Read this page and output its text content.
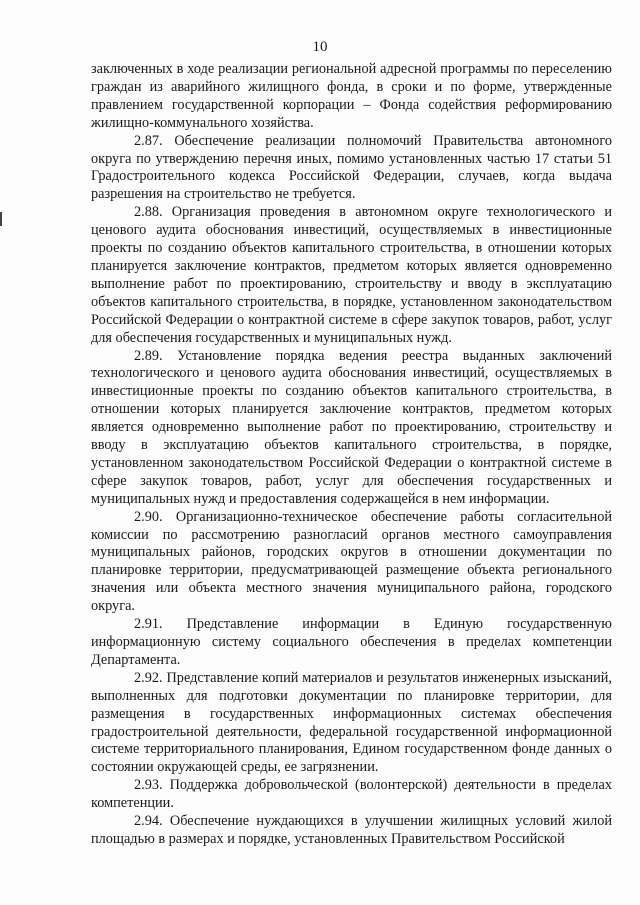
10

заключенных в ходе реализации региональной адресной программы по переселению граждан из аварийного жилищного фонда, в сроки и по форме, утвержденные правлением государственной корпорации – Фонда содействия реформированию жилищно-коммунального хозяйства.

2.87. Обеспечение реализации полномочий Правительства автономного округа по утверждению перечня иных, помимо установленных частью 17 статьи 51 Градостроительного кодекса Российской Федерации, случаев, когда выдача разрешения на строительство не требуется.

2.88. Организация проведения в автономном округе технологического и ценового аудита обоснования инвестиций, осуществляемых в инвестиционные проекты по созданию объектов капитального строительства, в отношении которых планируется заключение контрактов, предметом которых является одновременно выполнение работ по проектированию, строительству и вводу в эксплуатацию объектов капитального строительства, в порядке, установленном законодательством Российской Федерации о контрактной системе в сфере закупок товаров, работ, услуг для обеспечения государственных и муниципальных нужд.

2.89. Установление порядка ведения реестра выданных заключений технологического и ценового аудита обоснования инвестиций, осуществляемых в инвестиционные проекты по созданию объектов капитального строительства, в отношении которых планируется заключение контрактов, предметом которых является одновременно выполнение работ по проектированию, строительству и вводу в эксплуатацию объектов капитального строительства, в порядке, установленном законодательством Российской Федерации о контрактной системе в сфере закупок товаров, работ, услуг для обеспечения государственных и муниципальных нужд и предоставления содержащейся в нем информации.

2.90. Организационно-техническое обеспечение работы согласительной комиссии по рассмотрению разногласий органов местного самоуправления муниципальных районов, городских округов в отношении документации по планировке территории, предусматривающей размещение объекта регионального значения или объекта местного значения муниципального района, городского округа.

2.91. Представление информации в Единую государственную информационную систему социального обеспечения в пределах компетенции Департамента.

2.92. Представление копий материалов и результатов инженерных изысканий, выполненных для подготовки документации по планировке территории, для размещения в государственных информационных системах обеспечения градостроительной деятельности, федеральной государственной информационной системе территориального планирования, Едином государственном фонде данных о состоянии окружающей среды, ее загрязнении.

2.93. Поддержка добровольческой (волонтерской) деятельности в пределах компетенции.

2.94. Обеспечение нуждающихся в улучшении жилищных условий жилой площадью в размерах и порядке, установленных Правительством Российской
